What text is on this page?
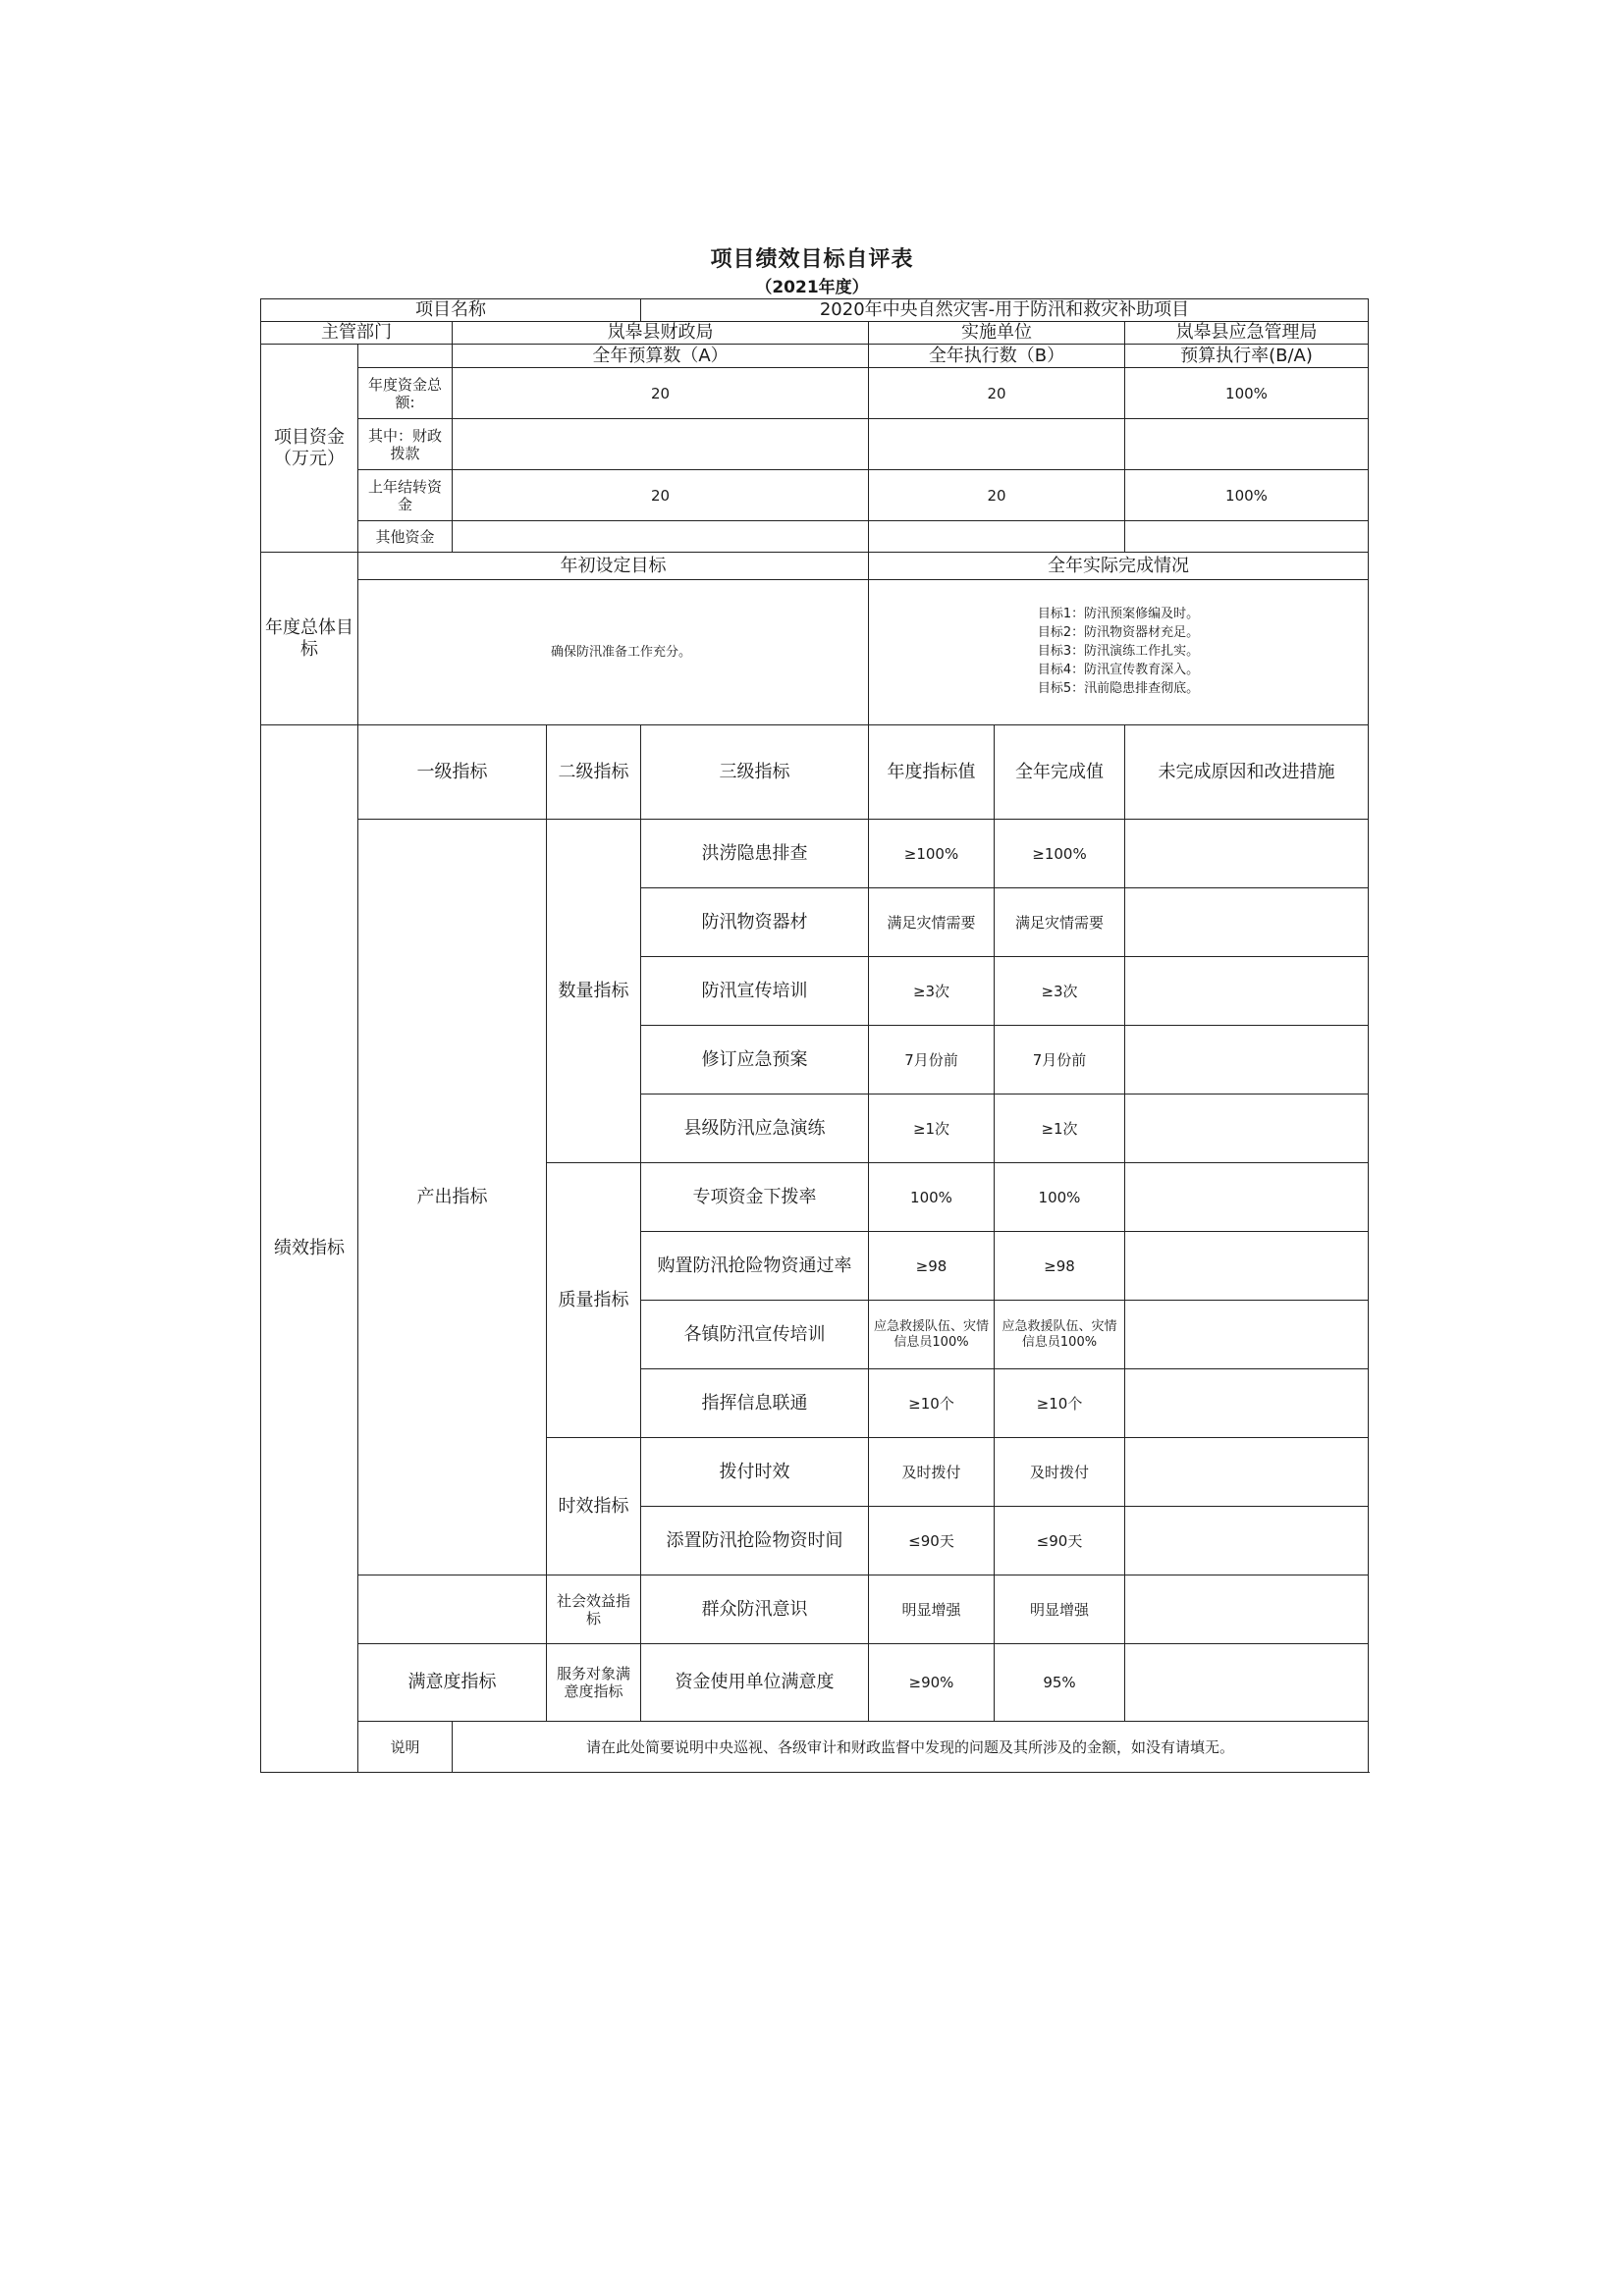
项目绩效目标自评表
（2021年度）
项目名称				2020年中央自然灾害-用于防汛和救灾补助项目			
主管部门		岚皋县财政局			实施单位		岚皋县应急管理局
项目资金（万元）		全年预算数（A）			全年执行数（B）		预算执行率(B/A)
	年度资金总额:	20			20		100%
	其中：财政拨款						
	上年结转资金	20			20		100%
	其他资金						
年度总体目标	年初设定目标				全年实际完成情况		
	确保防汛准备工作充分。				目标1：防汛预案修编及时。
目标2：防汛物资器材充足。
目标3：防汛演练工作扎实。
目标4：防汛宣传教育深入。
目标5：汛前隐患排查彻底。		

绩效指标	一级指标		二级指标	三级指标	年度指标值	全年完成值	未完成原因和改进措施
	产出指标		数量指标	洪涝隐患排查	≥100%	≥100%	
				防汛物资器材	满足灾情需要	满足灾情需要	
				防汛宣传培训	≥3次	≥3次	
				修订应急预案	7月份前	7月份前	
				县级防汛应急演练	≥1次	≥1次	
			质量指标	专项资金下拨率	100%	100%	
				购置防汛抢险物资通过率	≥98	≥98	
				各镇防汛宣传培训	应急救援队伍、灾情信息员100%	应急救援队伍、灾情信息员100%	
				指挥信息联通	≥10个	≥10个	
			时效指标	拨付时效	及时拨付	及时拨付	
				添置防汛抢险物资时间	≤90天	≤90天	
			社会效益指标	群众防汛意识	明显增强	明显增强	
	满意度指标		服务对象满意度指标	资金使用单位满意度	≥90%	95%	
	说明	请在此处简要说明中央巡视、各级审计和财政监督中发现的问题及其所涉及的金额，如没有请填无。					
